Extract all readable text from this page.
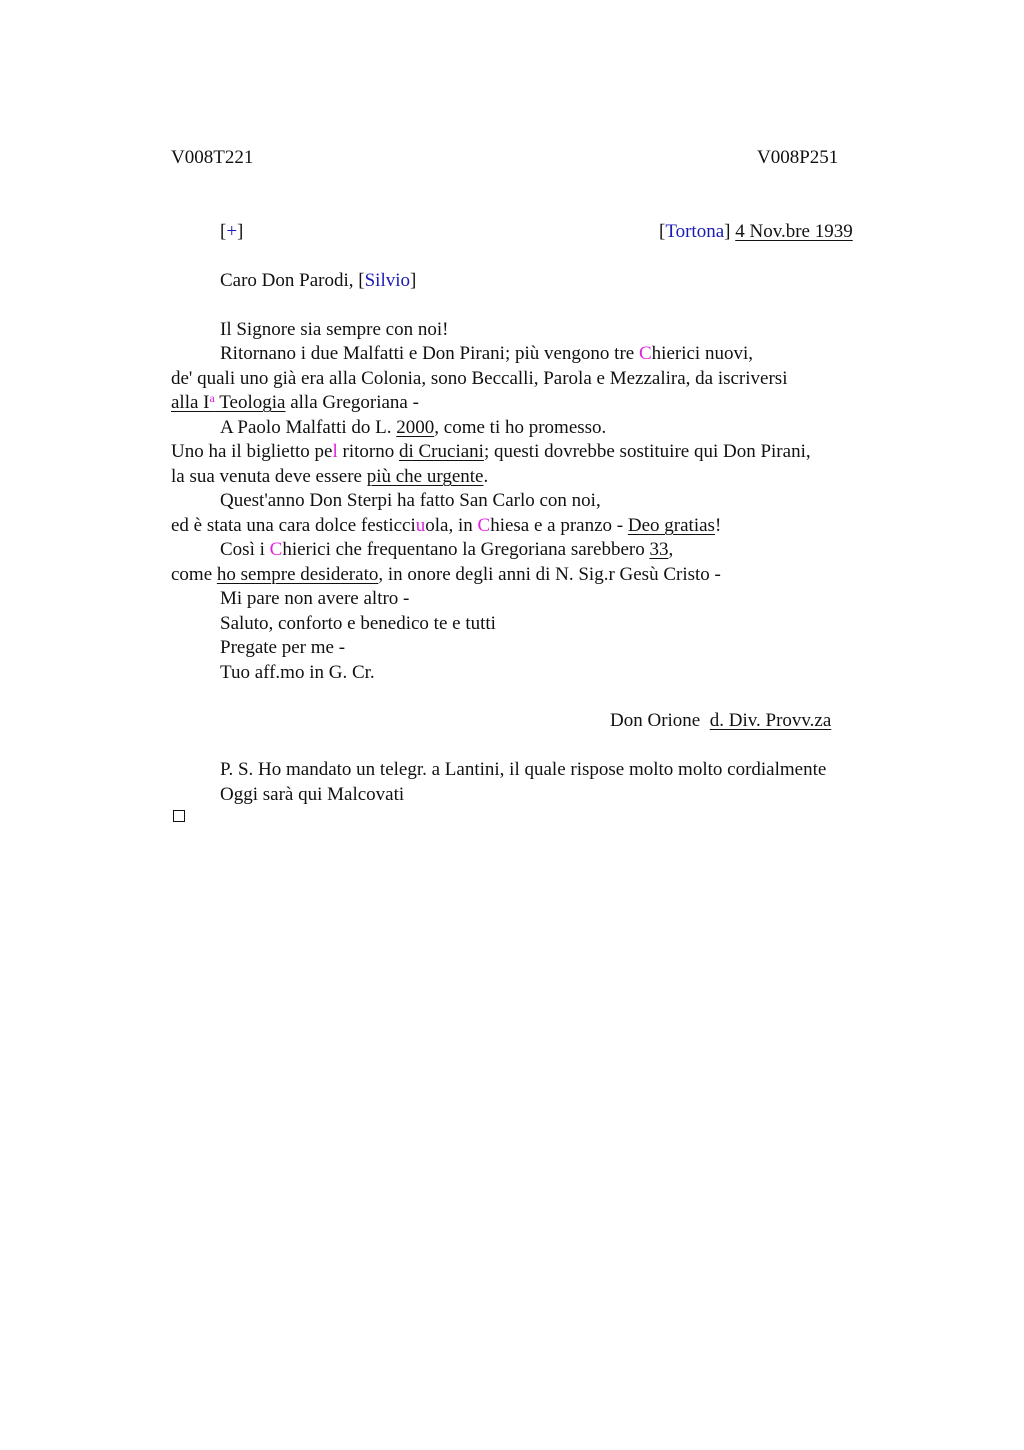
V008T221	V008P251
[+]	[Tortona] 4 Nov.bre 1939
Caro Don Parodi, [Silvio]
Il Signore sia sempre con noi!
Ritornano i due Malfatti e Don Pirani; più vengono tre Chierici nuovi,
de' quali uno già era alla Colonia, sono Beccalli, Parola e Mezzalira, da iscriversi
alla $I^a$ Teologia alla Gregoriana -
A Paolo Malfatti do L. 2000, come ti ho promesso.
Uno ha il biglietto pel ritorno di Cruciani; questi dovrebbe sostituire qui Don Pirani,
la sua venuta deve essere più che urgente.
Quest'anno Don Sterpi ha fatto San Carlo con noi,
ed è stata una cara dolce festicciuola, in Chiesa e a pranzo - Deo gratias!
Così i Chierici che frequentano la Gregoriana sarebbero 33,
come ho sempre desiderato, in onore degli anni di N. Sig.r Gesù Cristo -
Mi pare non avere altro -
Saluto, conforto e benedico te e tutti
Pregate per me -
Tuo aff.mo in G. Cr.
Don Orione d. Div. Provv.za
P. S. Ho mandato un telegr. a Lantini, il quale rispose molto molto cordialmente
Oggi sarà qui Malcovati
